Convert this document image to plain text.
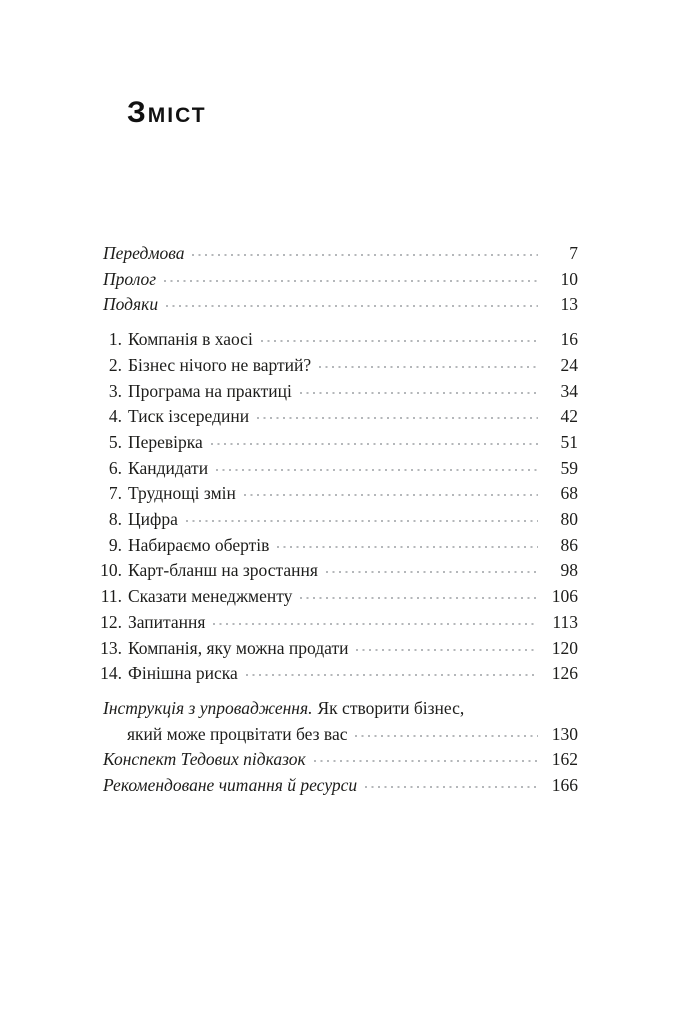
Зміст
Передмова	7
Пролог	10
Подяки	13
1. Компанія в хаосі	16
2. Бізнес нічого не вартий?	24
3. Програма на практиці	34
4. Тиск ізсередини	42
5. Перевірка	51
6. Кандидати	59
7. Труднощі змін	68
8. Цифра	80
9. Набираємо обертів	86
10. Карт-бланш на зростання	98
11. Сказати менеджменту	106
12. Запитання	113
13. Компанія, яку можна продати	120
14. Фінішна риска	126
Інструкція з упровадження. Як створити бізнес,
який може процвітати без вас	130
Конспект Тедових підказок	162
Рекомендоване читання й ресурси	166
